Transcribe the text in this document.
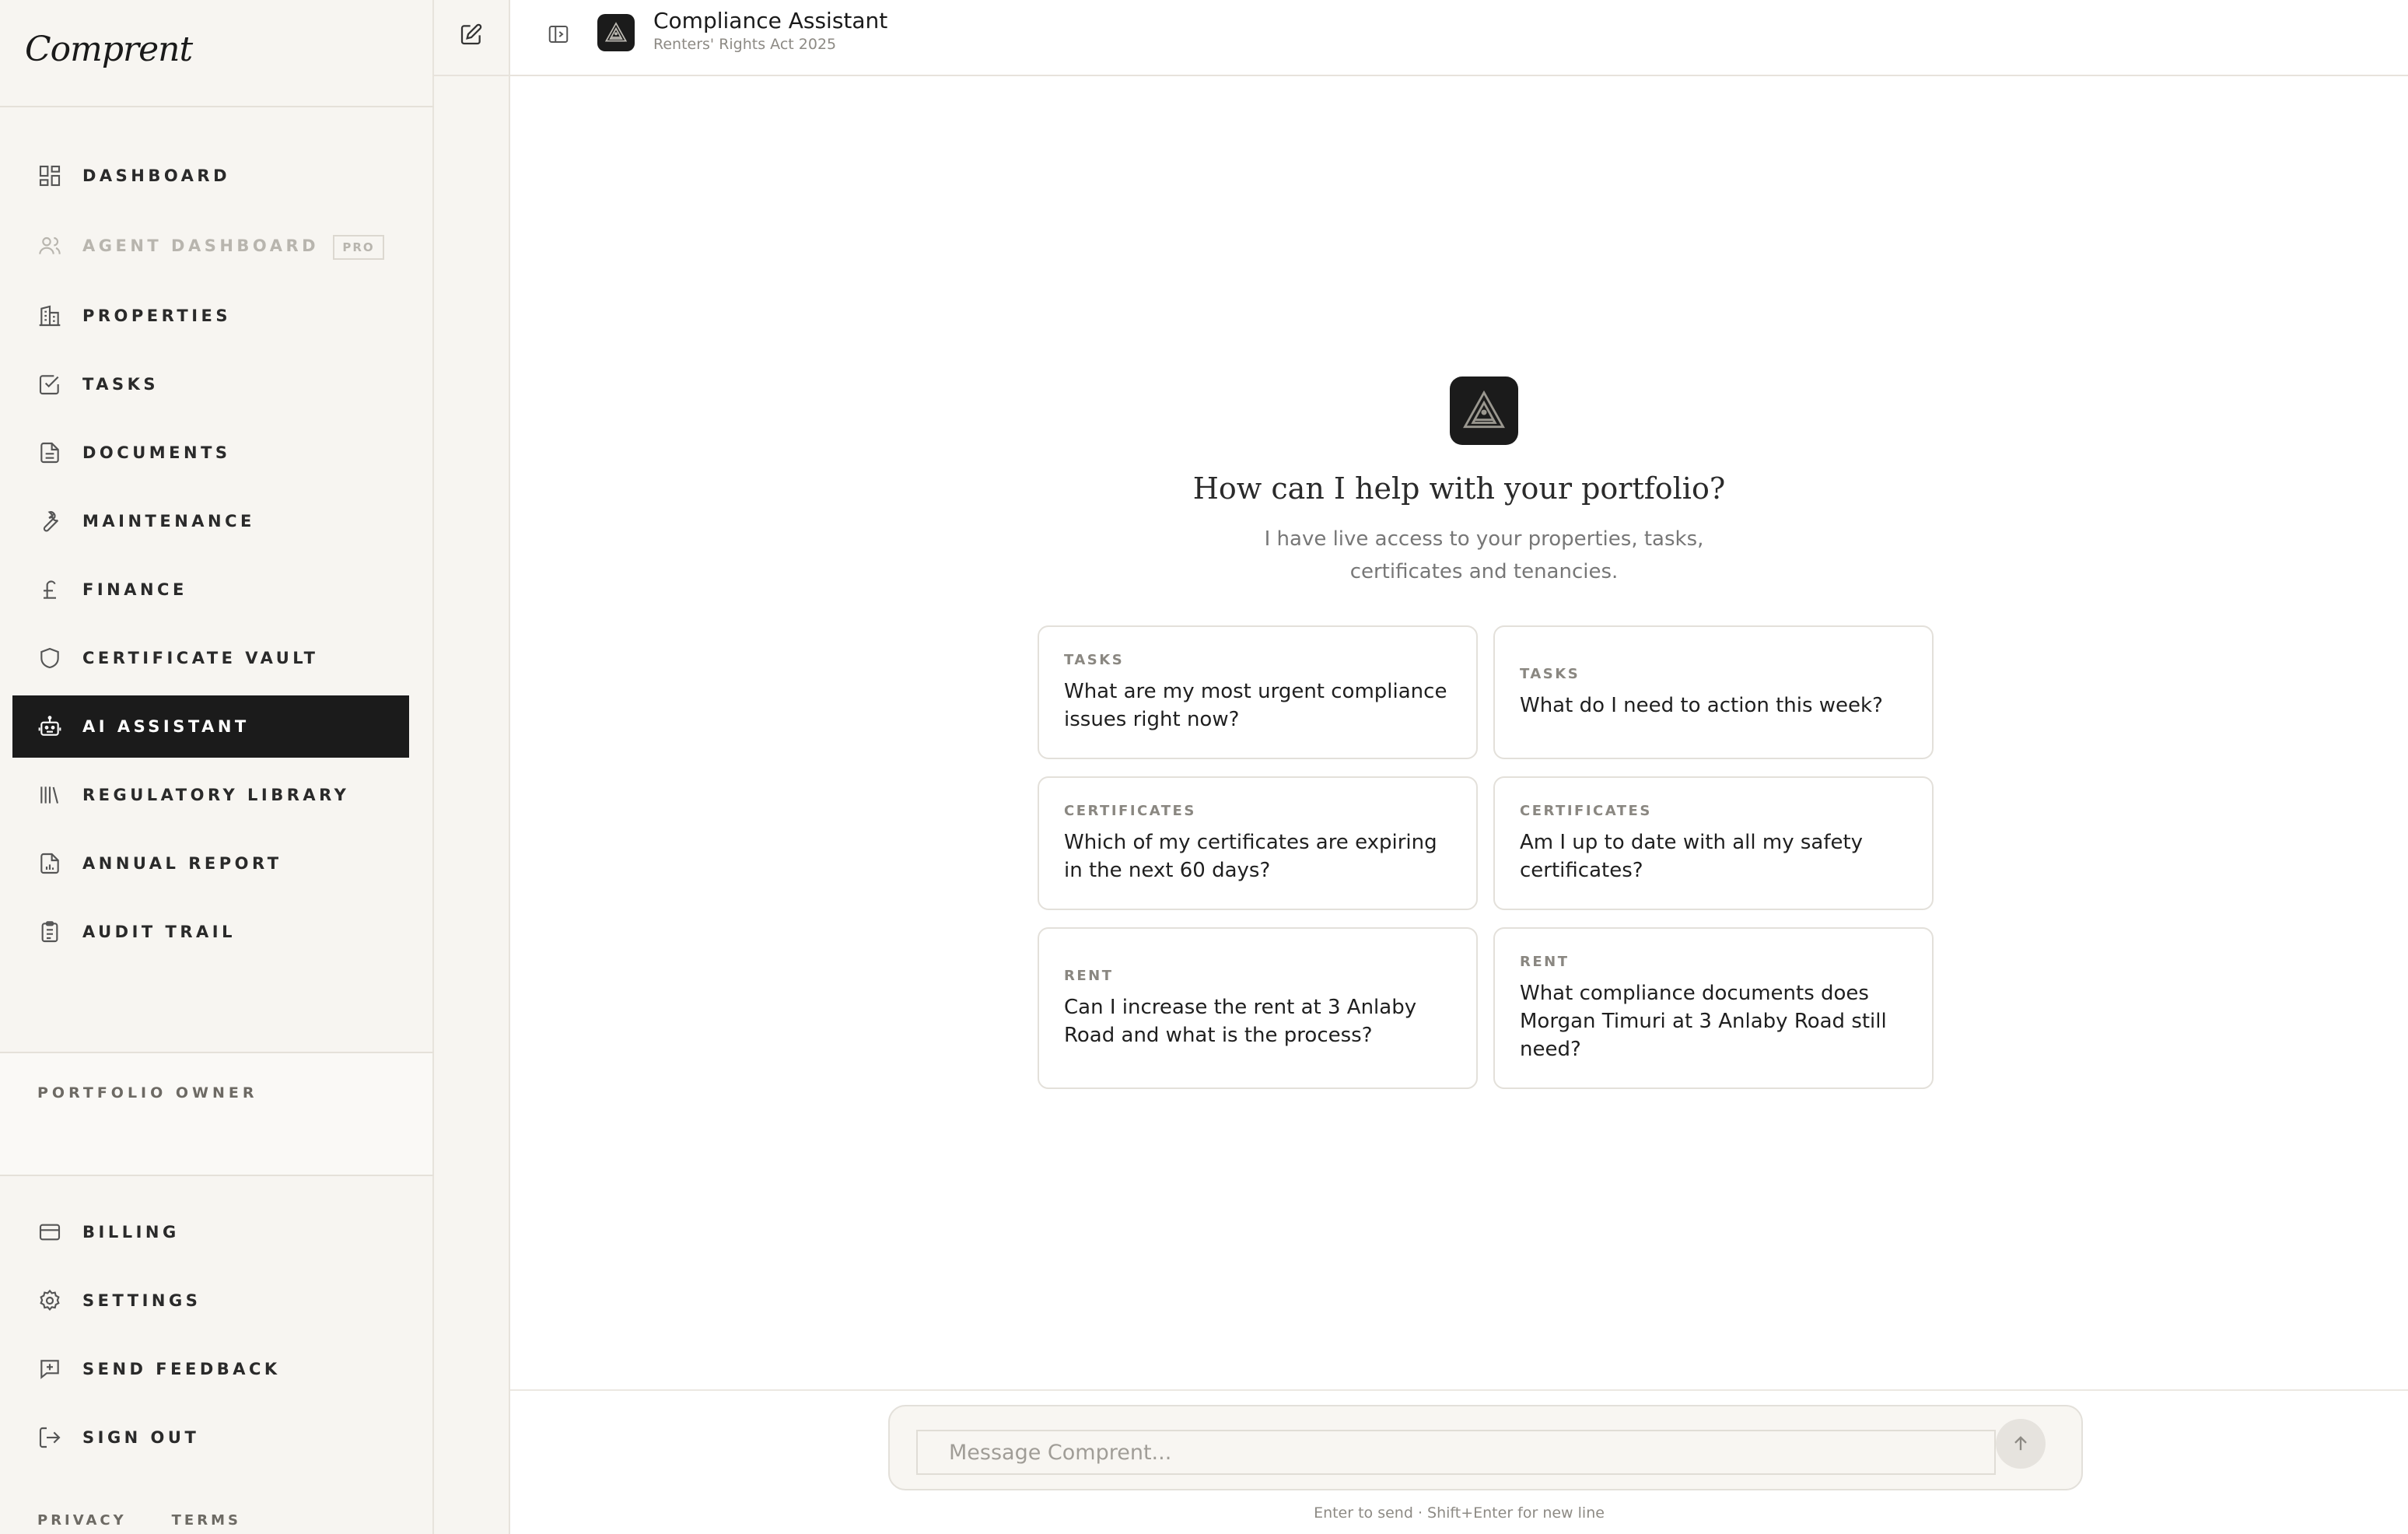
Comprent
DASHBOARD
AGENT DASHBOARD	PRO
PROPERTIES
TASKS
DOCUMENTS
MAINTENANCE
FINANCE
CERTIFICATE VAULT
AI ASSISTANT
REGULATORY LIBRARY
ANNUAL REPORT
AUDIT TRAIL
PORTFOLIO OWNER
BILLING
SETTINGS
SEND FEEDBACK
SIGN OUT
PRIVACY	TERMS
Compliance Assistant
Renters' Rights Act 2025
How can I help with your portfolio?
I have live access to your properties, tasks, certificates and tenancies.
TASKS
What are my most urgent compliance issues right now?
TASKS
What do I need to action this week?
CERTIFICATES
Which of my certificates are expiring in the next 60 days?
CERTIFICATES
Am I up to date with all my safety certificates?
RENT
Can I increase the rent at 3 Anlaby Road and what is the process?
RENT
What compliance documents does Morgan Timuri at 3 Anlaby Road still need?
Message Comprent...
Enter to send · Shift+Enter for new line
